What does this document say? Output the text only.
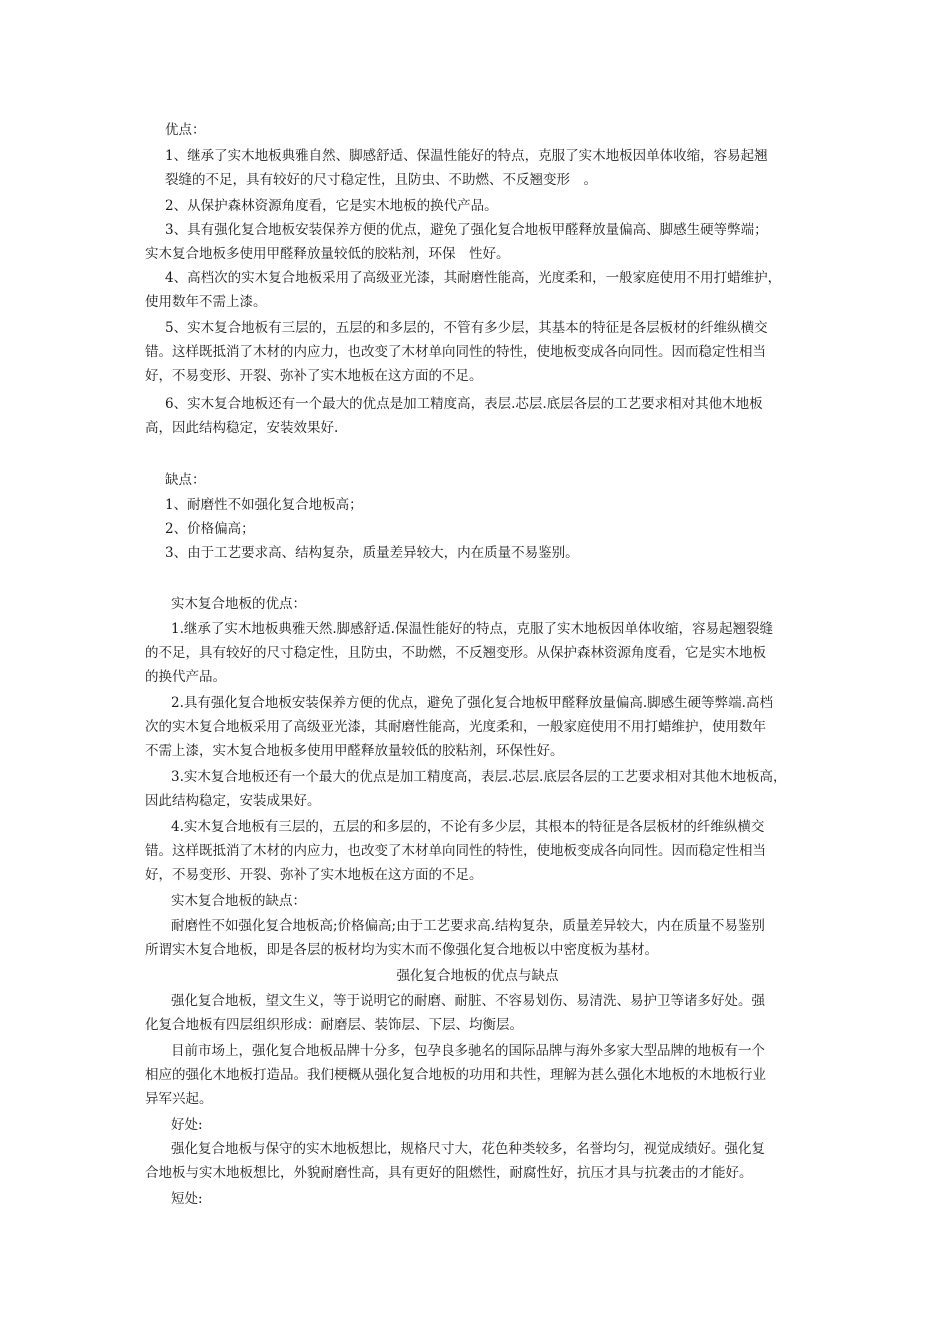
优点：
1、继承了实木地板典雅自然、脚感舒适、保温性能好的特点，克服了实木地板因单体收缩，容易起翘
裂缝的不足，具有较好的尺寸稳定性，且防虫、不助燃、不反翘变形　。
2、从保护森林资源角度看，它是实木地板的换代产品。
3、具有强化复合地板安装保养方便的优点，避免了强化复合地板甲醛释放量偏高、脚感生硬等弊端；
实木复合地板多使用甲醛释放量较低的胶粘剂，环保　性好。
4、高档次的实木复合地板采用了高级亚光漆，其耐磨性能高，光度柔和，一般家庭使用不用打蜡维护，
使用数年不需上漆。
5、实木复合地板有三层的，五层的和多层的，不管有多少层，其基本的特征是各层板材的纤维纵横交
错。这样既抵消了木材的内应力，也改变了木材单向同性的特性，使地板变成各向同性。因而稳定性相当
好，不易变形、开裂、弥补了实木地板在这方面的不足。
6、实木复合地板还有一个最大的优点是加工精度高，表层.芯层.底层各层的工艺要求相对其他木地板
高，因此结构稳定，安装效果好.
缺点：
1、耐磨性不如强化复合地板高；
2、价格偏高；
3、由于工艺要求高、结构复杂，质量差异较大，内在质量不易鉴别。
实木复合地板的优点：
1.继承了实木地板典雅天然.脚感舒适.保温性能好的特点，克服了实木地板因单体收缩，容易起翘裂缝
的不足，具有较好的尺寸稳定性，且防虫，不助燃，不反翘变形。从保护森林资源角度看，它是实木地板
的换代产品。
2.具有强化复合地板安装保养方便的优点，避免了强化复合地板甲醛释放量偏高.脚感生硬等弊端.高档
次的实木复合地板采用了高级亚光漆，其耐磨性能高，光度柔和，一般家庭使用不用打蜡维护，使用数年
不需上漆，实木复合地板多使用甲醛释放量较低的胶粘剂，环保性好。
3.实木复合地板还有一个最大的优点是加工精度高，表层.芯层.底层各层的工艺要求相对其他木地板高，
因此结构稳定，安装成果好。
4.实木复合地板有三层的，五层的和多层的，不论有多少层，其根本的特征是各层板材的纤维纵横交
错。这样既抵消了木材的内应力，也改变了木材单向同性的特性，使地板变成各向同性。因而稳定性相当
好，不易变形、开裂、弥补了实木地板在这方面的不足。
实木复合地板的缺点：
耐磨性不如强化复合地板高;价格偏高;由于工艺要求高.结构复杂，质量差异较大，内在质量不易鉴别
所谓实木复合地板，即是各层的板材均为实木而不像强化复合地板以中密度板为基材。
强化复合地板的优点与缺点
强化复合地板，望文生义，等于说明它的耐磨、耐脏、不容易划伤、易清洗、易护卫等诸多好处。强
化复合地板有四层组织形成：耐磨层、装饰层、下层、均衡层。
目前市场上，强化复合地板品牌十分多，包孕良多驰名的国际品牌与海外多家大型品牌的地板有一个
相应的强化木地板打造品。我们梗概从强化复合地板的功用和共性，理解为甚么强化木地板的木地板行业
异军兴起。
好处:
强化复合地板与保守的实木地板想比，规格尺寸大，花色种类较多，名誉均匀，视觉成绩好。强化复
合地板与实木地板想比，外貌耐磨性高，具有更好的阻燃性，耐腐性好，抗压才具与抗袭击的才能好。
短处:
